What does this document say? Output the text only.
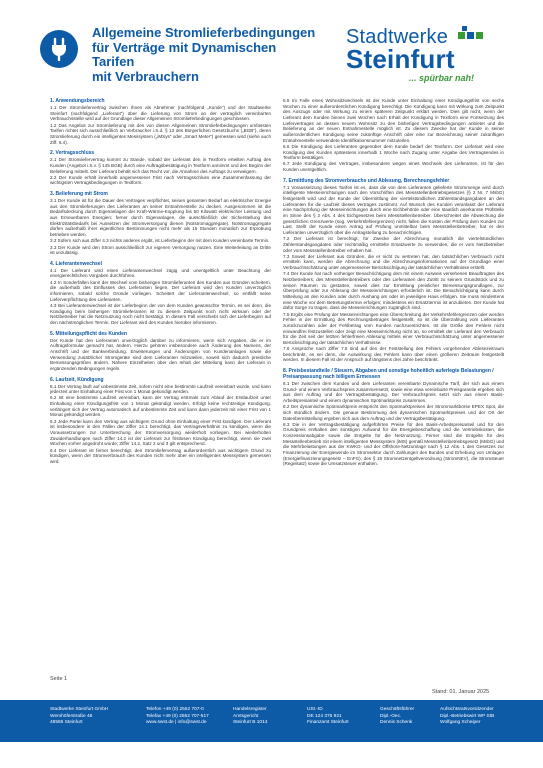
Allgemeine Stromlieferbedingungen
für Verträge mit Dynamischen Tarifen
mit Verbrauchern
Stadtwerke
Steinfurt
... spürbar nah!
1. Anwendungsbereich

1.1 Der Stromliefervertrag zwischen Ihnen als Abnehmer (nachfolgend „Kunde“) und der Stadtwerke Steinfurt (nachfolgend „Lieferant“) über die Lieferung von Strom an der vertraglich vereinbarten Verbrauchsstelle wird auf der Grundlage dieser Allgemeinen Stromlieferbedingungen geschlossen.

1.2 Das Angebot zur Stromlieferung mit den von diesen Allgemeinen Stromlieferbedingungen umfassten Tarifen richtet sich ausschließlich an Verbraucher i.S.d. § 13 des Bürgerlichen Gesetzbuchs („BGB“), deren Stromlieferung durch ein intelligentes Messsystem („iMSys“ oder „Smart Meter“) gemessen wird (siehe auch Ziff. 6.4).

2. Vertragsschluss

2.1 Der Stromliefervertrag kommt zu Stande, sobald der Lieferant den in Textform erteilten Auftrag des Kunden (Angebot i.S.v. § 145 BGB) durch eine Auftragsbestätigung in Textform annimmt und den Beginn der Belieferung mitteilt. Der Lieferant behält sich das Recht vor, die Annahme des Auftrags zu verweigern.

2.2 Der Kunde erhält innerhalb angemessener Frist nach Vertragsschluss eine Zusammenfassung der wichtigsten Vertragsbedingungen in Textform.

3. Belieferung mit Strom

3.1 Der Kunde ist für die Dauer des Vertrages verpflichtet, seinen gesamten Bedarf an elektrischer Energie aus den Stromlieferungen des Lieferanten an seiner Entnahmestelle zu decken. Ausgenommen ist die Bedarfsdeckung durch Eigenanlagen der Kraft-Wärme-Kopplung bis 50 Kilowatt elektrischer Leistung und aus Erneuerbaren Energien; ferner durch Eigenanlagen, die ausschließlich der Sicherstellung des Elektrizitätsbedarfs bei Aussetzen der Stromversorgung dienen (Notstromaggregate). Notstromaggregate dürfen außerhalb ihrer eigentlichen Bestimmungen nicht mehr als 15 Stunden monatlich zur Erprobung betrieben werden.

3.2 Sofern sich aus Ziffer 4.3 nichts anderes ergibt, ist Lieferbeginn der mit dem Kunden vereinbarte Termin.

3.3 Der Kunde wird den Strom ausschließlich zur eigenen Versorgung nutzen. Eine Weiterleitung an Dritte ist unzulässig.

4. Lieferantenwechsel

4.1 Der Lieferant wird einen Lieferantenwechsel zügig und unentgeltlich unter Beachtung der energierechtlichen Vorgaben durchführen.

4.2 In Sonderfällen kann der Wechsel vom bisherigen Stromlieferanten des Kunden aus Gründen scheitern, die außerhalb des Einflusses des Lieferanten liegen. Der Lieferant wird den Kunden unverzüglich informieren, sobald solche Gründe vorliegen. Scheitert der Lieferantenwechsel, so entfällt seine Lieferverpflichtung des Lieferanten.

4.3 Bei Lieferantenwechsel ist der Lieferbeginn der von dem Kunden gewünschte Termin, es sei denn, die Kündigung beim bisherigen Stromlieferanten ist zu diesem Zeitpunkt noch nicht wirksam oder der Netzbetreiber hat die Netznutzung noch nicht bestätigt. In diesem Fall verschiebt sich der Lieferbeginn auf den nächstmöglichen Termin. Der Lieferant wird den Kunden hierüber informieren.

5. Mitteilungspflicht des Kunden

Der Kunde hat den Lieferanten unverzüglich darüber zu informieren, wenn sich Angaben, die er im Auftragsformular gemacht hat, ändern. Hierzu gehören insbesondere auch Änderung des Namens, der Anschrift und der Bankverbindung. Erweiterungen und Änderungen von Kundenanlagen sowie die Verwendung zusätzlicher Stromgeräte sind dem Lieferanten mitzuteilen, soweit sich dadurch preisliche Bemessungsgrößen ändern. Nähere Einzelheiten über den Inhalt der Mitteilung kann der Lieferant in ergänzenden Bedingungen regeln.

6. Laufzeit, Kündigung

6.1 Der Vertrag läuft auf unbestimmte Zeit, sofern nicht eine bestimmte Laufzeit vereinbart wurde, und kann jederzeit unter Einhaltung einer Frist von 1 Monat gekündigt werden.

6.2 Ist eine bestimmte Laufzeit vereinbart, kann der Vertrag erstmals zum Ablauf der Erstlaufzeit unter Einhaltung einer Kündigungsfrist von 1 Monat gekündigt werden. Erfolgt keine rechtzeitige Kündigung, verlängert sich der Vertrag automatisch auf unbestimmte Zeit und kann dann jederzeit mit einer Frist von 1 Monat gekündigt werden.

6.3 Jede Partei kann den Vertrag aus wichtigem Grund ohne Einhaltung einer Frist kündigen. Der Lieferant ist insbesondere in den Fällen der Ziffer 14.1 berechtigt, das Vertragsverhältnis zu kündigen, wenn die Voraussetzungen zur Unterbrechung der Stromversorgung wiederholt vorliegen. Bei wiederholten Zuwiderhandlungen nach Ziffer 14.2 ist der Lieferant zur fristlosen Kündigung berechtigt, wenn sie zwei Wochen vorher angedroht wurde; Ziffer 14.2, Satz 2 und 3 gilt entsprechend.

6.4 Der Lieferant ist ferner berechtigt, den Stromliefervertrag außerordentlich aus wichtigem Grund zu kündigen, wenn der Stromverbrauch des Kunden nicht mehr über ein intelligentes Messsystem gemessen wird.

6.5 Im Falle eines Wohnsitzwechsels ist der Kunde unter Einhaltung einer Kündigungsfrist von sechs Wochen zu einer außerordentlichen Kündigung berechtigt. Die Kündigung kann mit Wirkung zum Zeitpunkt des Auszugs oder mit Wirkung zu einem späteren Zeitpunkt erklärt werden. Dies gilt nicht, wenn der Lieferant dem Kunden binnen zwei Wochen nach Erhalt der Kündigung in Textform eine Fortsetzung des Liefervertrages an dessen neuem Wohnsitz zu den bisherigen Vertragsbedingungen anbietet und die Belieferung an der neuen Entnahmestelle möglich ist. Zu diesem Zwecke hat der Kunde in seiner außerordentlichen Kündigung seine zukünftige Anschrift oder eine zur Bezeichnung seiner zukünftigen Entnahmestelle verwendete Identifikationsnummer mitzuteilen.

6.6 Die Kündigung des Lieferanten gegenüber dem Kunde bedarf der Textform. Der Lieferant wird eine Kündigung des Kunden spätestens innerhalb 1 Woche nach Zugang unter Angabe des Vertragsendes in Textform bestätigen.

6.7 Jede Kündigung des Vertrages, insbesondere wegen eines Wechsels des Lieferanten, ist für den Kunden unentgeltlich.

7. Ermittlung des Stromverbrauchs und Ablesung, Berechnungsfehler

7.1 Voraussetzung dieses Tarifes ist es, dass die von dem Lieferanten gelieferte Strommenge wird durch intelligente Messeinrichtungen nach den Vorschriften des Messstellenbetriebsgesetzes (§ 2 Nr. 7 MsbG) festgestellt wird und der Kunde der Übermittlung der viertelstündlichen Zählerstandsgangdaten an den Lieferanten für die Laufzeit dieses Vertrages zustimmt. Auf Wunsch des Kunden veranlasst der Lieferant eine Nachprüfung der Messeinrichtungen durch eine Eichbehörde oder eine staatlich anerkannte Prüfstelle im Sinne des § 2 Abs. 4 des Eichgesetzes beim Messstellenbetreiber. Überschreitet die Abweichung die gesetzlichen Grenzwerte (sog. Verkehrsfehlergrenzen) nicht, fallen die Kosten der Prüfung dem Kunden zur Last. Stellt der Kunde einen Antrag auf Prüfung unmittelbar beim Messstellenbetreiber, hat er den Lieferanten unverzüglich über die Antragstellung zu benachrichtigen.

7.2 Der Lieferant ist berechtigt, für Zwecke der Abrechnung monatlich die viertelstündlichen Zählerstandsgangdaten oder rechtmäßig ermittelte Ersatzwerte zu verwenden, die er vom Netzbetreiber oder vom Messstellenbetreiber erhalten hat.

7.3 Soweit der Lieferant aus Gründen, die er nicht zu vertreten hat, den tatsächlichen Verbrauch nicht ermitteln kann, werden die Abrechnung und die Abrechnungsinformationen auf der Grundlage einer Verbrauchsschätzung unter angemessener Berücksichtigung der tatsächlichen Verhältnisse erstellt.

7.4 Der Kunde hat nach vorheriger Benachrichtigung dem mit einem Ausweis versehenen Beauftragten des Netzbetreibers, des Messstellenbetreibers oder des Lieferanten den Zutritt zu seinem Grundstück und zu seinen Räumen zu gestatten, soweit dies zur Ermittlung preislicher Bemessungsgrundlagen, zur Überprüfung oder zur Ablesung der Messeinrichtungen erforderlich ist. Die Benachrichtigung kann durch Mitteilung an den Kunden oder durch Aushang am oder im jeweiligen Haus erfolgen. Sie muss mindestens eine Woche vor dem Betretungstermin erfolgen; mindestens ein Ersatztermin ist anzubieten. Der Kunde hat dafür Sorge zu tragen, dass die Messeinrichtungen zugänglich sind.

7.5 Ergibt eine Prüfung der Messeinrichtungen eine Überschreitung der Verkehrsfehlergrenzen oder werden Fehler in der Ermittlung des Rechnungsbetrages festgestellt, so ist die Überzahlung vom Lieferanten zurückzuzahlen oder der Fehlbetrag vom Kunden nachzuentrichten. Ist die Größe des Fehlers nicht einwandfrei festzustellen oder zeigt eine Messeinrichtung nicht an, so ermittelt der Lieferant den Verbrauch für die Zeit seit der letzten fehlerfreien Ablesung mittels einer Verbrauchsschätzung unter angemessener Berücksichtigung der tatsächlichen Verhältnisse.

7.6 Ansprüche nach Ziffer 7.5 sind auf den der Feststellung des Fehlers vorgehenden Ablesezeitraum beschränkt, es sei denn, die Auswirkung des Fehlers kann über einen größeren Zeitraum festgestellt werden. In diesem Fall ist der Anspruch auf längstens drei Jahre beschränkt.

8. Preisbestandteile / Steuern, Abgaben und sonstige hoheitlich auferlegte Belastungen / Preisanpassung nach billigem Ermessen

8.1 Der zwischen dem Kunden und dem Lieferanten vereinbarte Dynamische Tarif, der sich aus einem Grund- und einem Verbrauchspreis zusammensetzt, sowie eine etwa vereinbarte Preisgarantie ergeben sich aus dem Auftrag und der Vertragsbestätigung. Der Verbrauchspreis setzt sich aus einem Basis-Arbeitspreisanteil und einem dynamischen Spotmarktpreis zusammen.

8.2 Der dynamische Spotmarktpreis entspricht den Spotmarktpreisen der Strommarktbörse EPEX Spot, die sich stündlich ändern. Die genaue Bestimmung des dynamischen Spotmarktpreises und der Ort der Datenbereitstellung ergeben sich aus dem Auftrag und der Vertragsbestätigung.

8.3 Die in der Vertragsbestätigung aufgeführten Preise für den Basis-Arbeitspreisanteil und für den Grundpreis enthalten den sonstigen Aufwand für die Energiebeschaffung und die Vertriebskosten, die Konzessionsabgabe sowie die Entgelte für die Netznutzung. Ferner sind die Entgelte für den Messstellenbetrieb mit einem intelligenten Messsystem (iMS) gemäß Messstellenbetriebsgesetz (MsbG) und die Mehrbelastungen aus der KWKG- und der Offshore-Netzumlage nach § 12 Abs. 1 des Gesetzes zur Finanzierung der Energiewende im Stromsektor durch Zahlungen des Bundes und Erhebung von Umlagen (Energiefinanzierungsgesetz – EnFG), des § 19 Stromnetzentgeltverordnung (StromNEV), die Stromsteuer (Regelsatz) sowie die Umsatzsteuer enthalten.

Seite 1
Stand: 01. Januar 2025
Stadtwerke Steinfurt GmbH
Wemhöferstraße 48
48565 Steinfurt
Telefon +49 (0) 2552 707-0
Telefax +49 (0) 2552 707-517
www.swst.de | info@swst.de
Handelsregister
Amtsgericht
Steinfurt B 1014
USt.-ID
DE 124 375 921
Finanzamt Steinfurt
Geschäftsführer
Dipl.-Oec.
Dennis Schenk
Aufsichtsratsvorsitzender
Dipl.-Betriebswirt WP StB
Wolfgang Scheiper
